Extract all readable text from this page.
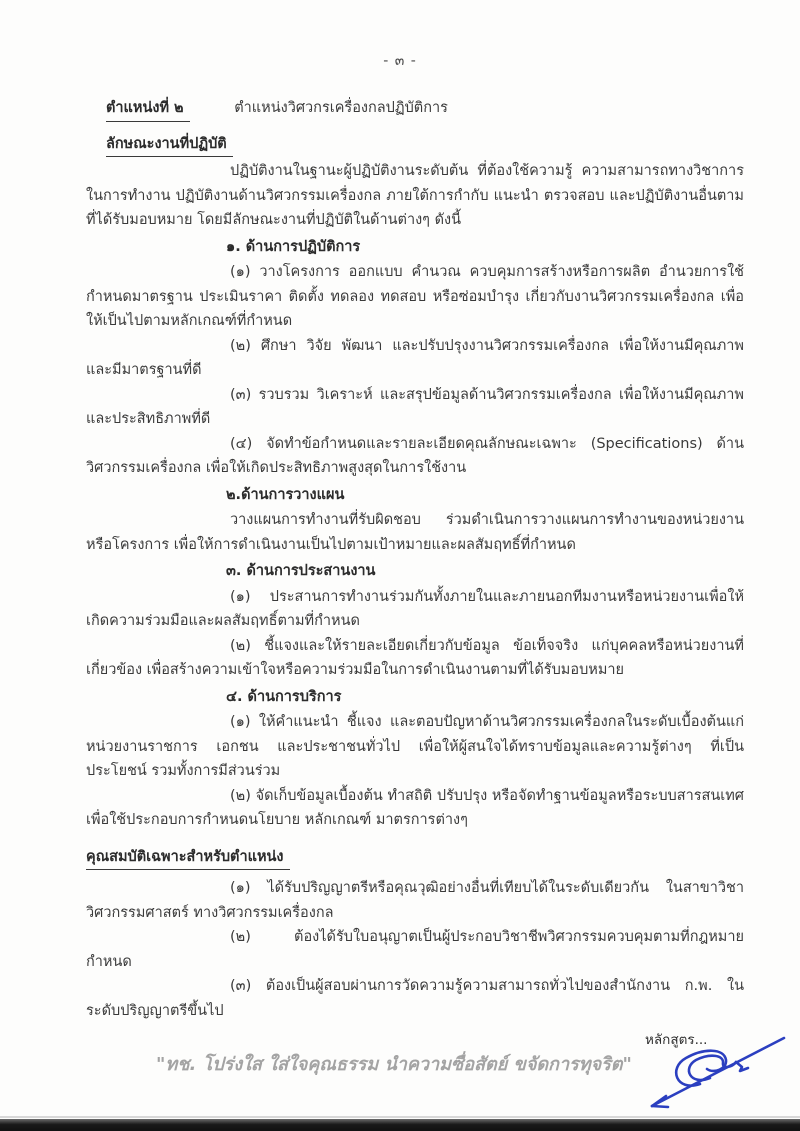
- ๓ -
ตำแหน่งที่ ๒	ตำแหน่งวิศวกรเครื่องกลปฏิบัติการ
ลักษณะงานที่ปฏิบัติ

ปฏิบัติงานในฐานะผู้ปฏิบัติงานระดับต้น ที่ต้องใช้ความรู้ ความสามารถทางวิชาการในการทำงาน ปฏิบัติงานด้านวิศวกรรมเครื่องกล ภายใต้การกำกับ แนะนำ ตรวจสอบ และปฏิบัติงานอื่นตามที่ได้รับมอบหมาย โดยมีลักษณะงานที่ปฏิบัติในด้านต่างๆ ดังนี้

๑. ด้านการปฏิบัติการ

(๑) วางโครงการ ออกแบบ คำนวณ ควบคุมการสร้างหรือการผลิต อำนวยการใช้ กำหนดมาตรฐาน ประเมินราคา ติดตั้ง ทดลอง ทดสอบ หรือซ่อมบำรุง เกี่ยวกับงานวิศวกรรมเครื่องกล เพื่อให้เป็นไปตามหลักเกณฑ์ที่กำหนด

(๒) ศึกษา วิจัย พัฒนา และปรับปรุงงานวิศวกรรมเครื่องกล เพื่อให้งานมีคุณภาพ และมีมาตรฐานที่ดี

(๓) รวบรวม วิเคราะห์ และสรุปข้อมูลด้านวิศวกรรมเครื่องกล เพื่อให้งานมีคุณภาพและประสิทธิภาพที่ดี

(๔) จัดทำข้อกำหนดและรายละเอียดคุณลักษณะเฉพาะ (Specifications) ด้านวิศวกรรมเครื่องกล เพื่อให้เกิดประสิทธิภาพสูงสุดในการใช้งาน

๒.ด้านการวางแผน

วางแผนการทำงานที่รับผิดชอบ ร่วมดำเนินการวางแผนการทำงานของหน่วยงานหรือโครงการ เพื่อให้การดำเนินงานเป็นไปตามเป้าหมายและผลสัมฤทธิ์ที่กำหนด

๓. ด้านการประสานงาน

(๑) ประสานการทำงานร่วมกันทั้งภายในและภายนอกทีมงานหรือหน่วยงานเพื่อให้เกิดความร่วมมือและผลสัมฤทธิ์ตามที่กำหนด

(๒) ชี้แจงและให้รายละเอียดเกี่ยวกับข้อมูล ข้อเท็จจริง แก่บุคคลหรือหน่วยงานที่เกี่ยวข้อง เพื่อสร้างความเข้าใจหรือความร่วมมือในการดำเนินงานตามที่ได้รับมอบหมาย

๔. ด้านการบริการ

(๑) ให้คำแนะนำ ชี้แจง และตอบปัญหาด้านวิศวกรรมเครื่องกลในระดับเบื้องต้นแก่หน่วยงานราชการ เอกชน และประชาชนทั่วไป เพื่อให้ผู้สนใจได้ทราบข้อมูลและความรู้ต่างๆ ที่เป็นประโยชน์ รวมทั้งการมีส่วนร่วม

(๒) จัดเก็บข้อมูลเบื้องต้น ทำสถิติ ปรับปรุง หรือจัดทำฐานข้อมูลหรือระบบสารสนเทศ เพื่อใช้ประกอบการกำหนดนโยบาย หลักเกณฑ์ มาตรการต่างๆ

คุณสมบัติเฉพาะสำหรับตำแหน่ง

(๑) ได้รับปริญญาตรีหรือคุณวุฒิอย่างอื่นที่เทียบได้ในระดับเดียวกัน ในสาขาวิชาวิศวกรรมศาสตร์ ทางวิศวกรรมเครื่องกล

(๒) ต้องได้รับใบอนุญาตเป็นผู้ประกอบวิชาชีพวิศวกรรมควบคุมตามที่กฎหมายกำหนด

(๓) ต้องเป็นผู้สอบผ่านการวัดความรู้ความสามารถทั่วไปของสำนักงาน ก.พ. ในระดับปริญญาตรีขึ้นไป

หลักสูตร...
"ทช. โปร่งใส ใส่ใจคุณธรรม นำความซื่อสัตย์ ขจัดการทุจริต"
